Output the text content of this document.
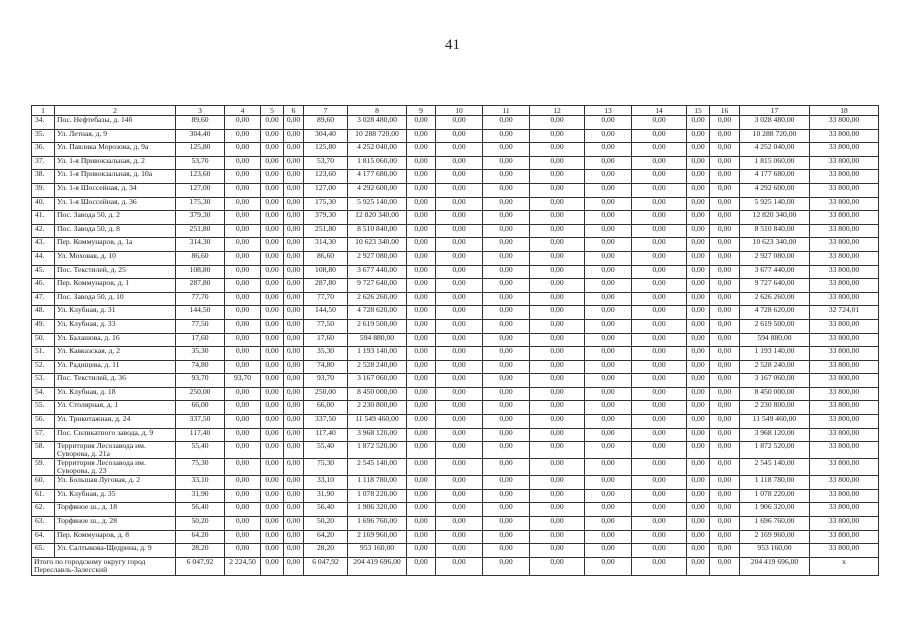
41
1	2	3	4	5	6	7	8	9	10	11	12	13	14	15	16	17	18
34.	Пос. Нефтебазы, д. 14б	89,60	0,00	0,00	0,00	89,60	3 028 480,00	0,00	0,00	0,00	0,00	0,00	0,00	0,00	0,00	3 028 480,00	33 800,00
35.	Ул. Летная, д. 9	304,40	0,00	0,00	0,00	304,40	10 288 720,00	0,00	0,00	0,00	0,00	0,00	0,00	0,00	0,00	10 288 720,00	33 800,00
36.	Ул. Павлика Морозова, д. 9а	125,80	0,00	0,00	0,00	125,80	4 252 040,00	0,00	0,00	0,00	0,00	0,00	0,00	0,00	0,00	4 252 040,00	33 800,00
37.	Ул. 1-я Привокзальная, д. 2	53,70	0,00	0,00	0,00	53,70	1 815 060,00	0,00	0,00	0,00	0,00	0,00	0,00	0,00	0,00	1 815 060,00	33 800,00
38.	Ул. 1-я Привокзальная, д. 10а	123,60	0,00	0,00	0,00	123,60	4 177 680,00	0,00	0,00	0,00	0,00	0,00	0,00	0,00	0,00	4 177 680,00	33 800,00
39.	Ул. 1-я Шоссейная, д. 34	127,00	0,00	0,00	0,00	127,00	4 292 600,00	0,00	0,00	0,00	0,00	0,00	0,00	0,00	0,00	4 292 600,00	33 800,00
40.	Ул. 1-я Шоссейная, д. 36	175,30	0,00	0,00	0,00	175,30	5 925 140,00	0,00	0,00	0,00	0,00	0,00	0,00	0,00	0,00	5 925 140,00	33 800,00
41.	Пос. Завода 50, д. 2	379,30	0,00	0,00	0,00	379,30	12 820 340,00	0,00	0,00	0,00	0,00	0,00	0,00	0,00	0,00	12 820 340,00	33 800,00
42.	Пос. Завода 50, д. 8	251,80	0,00	0,00	0,00	251,80	8 510 840,00	0,00	0,00	0,00	0,00	0,00	0,00	0,00	0,00	8 510 840,00	33 800,00
43.	Пер. Коммунаров, д. 1а	314,30	0,00	0,00	0,00	314,30	10 623 340,00	0,00	0,00	0,00	0,00	0,00	0,00	0,00	0,00	10 623 340,00	33 800,00
44.	Ул. Моховая, д. 10	86,60	0,00	0,00	0,00	86,60	2 927 080,00	0,00	0,00	0,00	0,00	0,00	0,00	0,00	0,00	2 927 080,00	33 800,00
45.	Пос. Текстилей, д. 25	108,80	0,00	0,00	0,00	108,80	3 677 440,00	0,00	0,00	0,00	0,00	0,00	0,00	0,00	0,00	3 677 440,00	33 800,00
46.	Пер. Коммунаров, д. 1	287,80	0,00	0,00	0,00	287,80	9 727 640,00	0,00	0,00	0,00	0,00	0,00	0,00	0,00	0,00	9 727 640,00	33 800,00
47.	Пос. Завода 50, д. 10	77,70	0,00	0,00	0,00	77,70	2 626 260,00	0,00	0,00	0,00	0,00	0,00	0,00	0,00	0,00	2 626 260,00	33 800,00
48.	Ул. Клубная, д. 31	144,50	0,00	0,00	0,00	144,50	4 728 620,00	0,00	0,00	0,00	0,00	0,00	0,00	0,00	0,00	4 728 620,00	32 724,01
49.	Ул. Клубная, д. 33	77,50	0,00	0,00	0,00	77,50	2 619 500,00	0,00	0,00	0,00	0,00	0,00	0,00	0,00	0,00	2 619 500,00	33 800,00
50.	Ул. Балашова, д. 16	17,60	0,00	0,00	0,00	17,60	594 880,00	0,00	0,00	0,00	0,00	0,00	0,00	0,00	0,00	594 880,00	33 800,00
51.	Ул. Кавказская, д. 2	35,30	0,00	0,00	0,00	35,30	1 193 140,00	0,00	0,00	0,00	0,00	0,00	0,00	0,00	0,00	1 193 140,00	33 800,00
52.	Ул. Радищева, д. 11	74,80	0,00	0,00	0,00	74,80	2 528 240,00	0,00	0,00	0,00	0,00	0,00	0,00	0,00	0,00	2 528 240,00	33 800,00
53.	Пос. Текстилей, д. 36	93,70	93,70	0,00	0,00	93,70	3 167 060,00	0,00	0,00	0,00	0,00	0,00	0,00	0,00	0,00	3 167 060,00	33 800,00
54.	Ул. Клубная, д. 18	250,00	0,00	0,00	0,00	250,00	8 450 000,00	0,00	0,00	0,00	0,00	0,00	0,00	0,00	0,00	8 450 000,00	33 800,00
55.	Ул. Столярная, д. 1	66,00	0,00	0,00	0,00	66,00	2 230 800,00	0,00	0,00	0,00	0,00	0,00	0,00	0,00	0,00	2 230 800,00	33 800,00
56.	Ул. Трикотажная, д. 24	337,50	0,00	0,00	0,00	337,50	11 549 460,00	0,00	0,00	0,00	0,00	0,00	0,00	0,00	0,00	11 549 460,00	33 800,00
57.	Пос. Силикатного завода, д. 9	117,40	0,00	0,00	0,00	117,40	3 968 120,00	0,00	0,00	0,00	0,00	0,00	0,00	0,00	0,00	3 968 120,00	33 800,00
58.	Территория Лесозавода им. Суворова, д. 21а	55,40	0,00	0,00	0,00	55,40	1 872 520,00	0,00	0,00	0,00	0,00	0,00	0,00	0,00	0,00	1 872 520,00	33 800,00
59.	Территория Лесозавода им. Суворова, д. 23	75,30	0,00	0,00	0,00	75,30	2 545 140,00	0,00	0,00	0,00	0,00	0,00	0,00	0,00	0,00	2 545 140,00	33 800,00
60.	Ул. Большая Луговая, д. 2	33,10	0,00	0,00	0,00	33,10	1 118 780,00	0,00	0,00	0,00	0,00	0,00	0,00	0,00	0,00	1 118 780,00	33 800,00
61.	Ул. Клубная, д. 35	31,90	0,00	0,00	0,00	31,90	1 078 220,00	0,00	0,00	0,00	0,00	0,00	0,00	0,00	0,00	1 078 220,00	33 800,00
62.	Торфяное ш., д. 18	56,40	0,00	0,00	0,00	56,40	1 906 320,00	0,00	0,00	0,00	0,00	0,00	0,00	0,00	0,00	1 906 320,00	33 800,00
63.	Торфяное ш., д. 28	50,20	0,00	0,00	0,00	50,20	1 696 760,00	0,00	0,00	0,00	0,00	0,00	0,00	0,00	0,00	1 696 760,00	33 800,00
64.	Пер. Коммунаров, д. 8	64,20	0,00	0,00	0,00	64,20	2 169 960,00	0,00	0,00	0,00	0,00	0,00	0,00	0,00	0,00	2 169 960,00	33 800,00
65.	Ул. Салтыкова-Щедрина, д. 9	28,20	0,00	0,00	0,00	28,20	953 160,00	0,00	0,00	0,00	0,00	0,00	0,00	0,00	0,00	953 160,00	33 800,00
Итого по городскому округу город Переславль-Залесский		6 047,92	2 224,50	0,00	0,00	6 047,92	204 419 696,00	0,00	0,00	0,00	0,00	0,00	0,00	0,00	0,00	204 419 696,00	x
